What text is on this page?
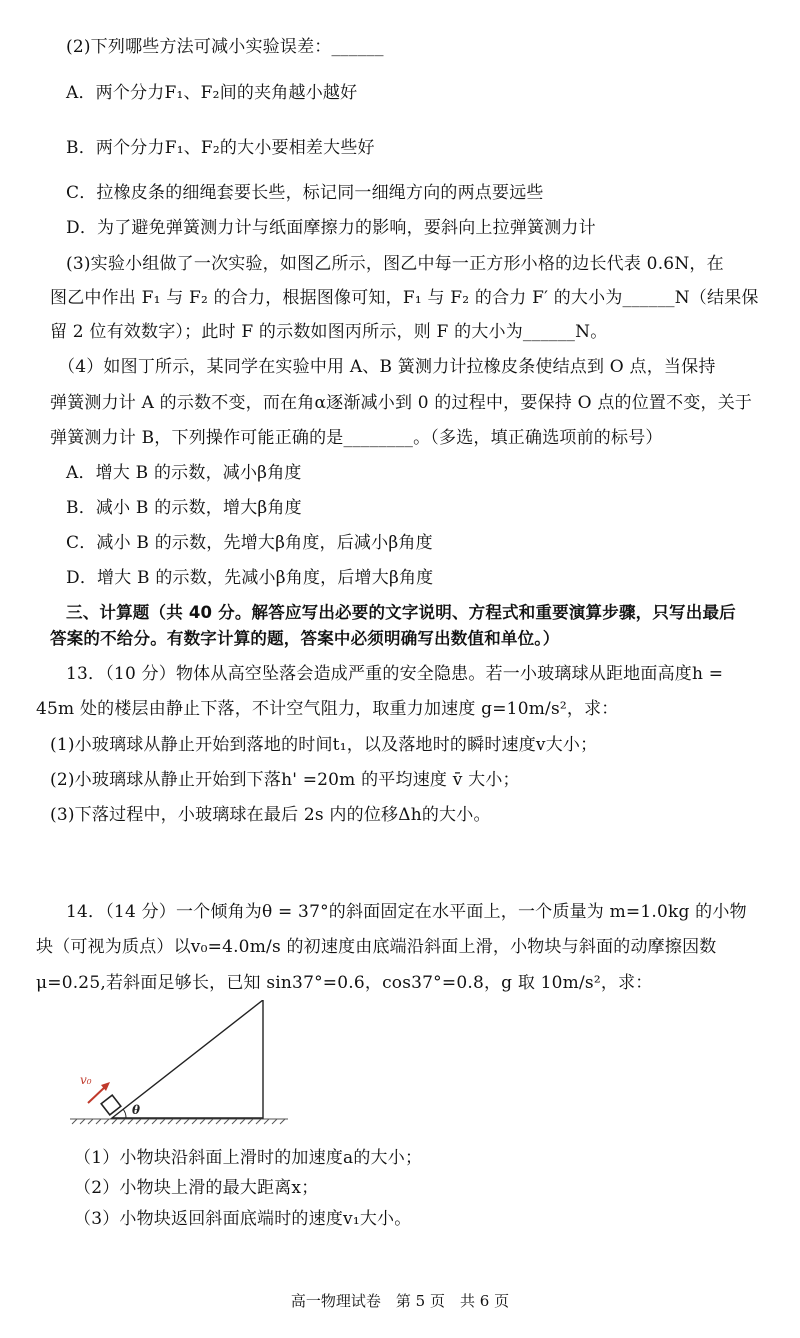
(2)下列哪些方法可减小实验误差：______
A．两个分力F₁、F₂间的夹角越小越好
B．两个分力F₁、F₂的大小要相差大些好
C．拉橡皮条的细绳套要长些，标记同一细绳方向的两点要远些
D．为了避免弹簧测力计与纸面摩擦力的影响，要斜向上拉弹簧测力计
(3)实验小组做了一次实验，如图乙所示，图乙中每一正方形小格的边长代表 0.6N，在
图乙中作出 F₁ 与 F₂ 的合力，根据图像可知，F₁ 与 F₂ 的合力 F′ 的大小为______N（结果保
留 2 位有效数字）；此时 F 的示数如图丙所示，则 F 的大小为______N。
（4）如图丁所示，某同学在实验中用 A、B 簧测力计拉橡皮条使结点到 O 点，当保持
弹簧测力计 A 的示数不变，而在角α逐渐减小到 0 的过程中，要保持 O 点的位置不变，关于
弹簧测力计 B，下列操作可能正确的是________。（多选，填正确选项前的标号）
A．增大 B 的示数，减小β角度
B．减小 B 的示数，增大β角度
C．减小 B 的示数，先增大β角度，后减小β角度
D．增大 B 的示数，先减小β角度，后增大β角度
三、计算题（共 40 分。解答应写出必要的文字说明、方程式和重要演算步骤，只写出最后
答案的不给分。有数字计算的题，答案中必须明确写出数值和单位。）
13．（10 分）物体从高空坠落会造成严重的安全隐患。若一小玻璃球从距地面高度h =
45m 处的楼层由静止下落，不计空气阻力，取重力加速度 g=10m/s²，求：
(1)小玻璃球从静止开始到落地的时间t₁，以及落地时的瞬时速度v大小；
(2)小玻璃球从静止开始到下落h' =20m 的平均速度 v̄ 大小；
(3)下落过程中，小玻璃球在最后 2s 内的位移Δh的大小。
14．（14 分）一个倾角为θ = 37°的斜面固定在水平面上，一个质量为 m=1.0kg 的小物
块（可视为质点）以v₀=4.0m/s 的初速度由底端沿斜面上滑，小物块与斜面的动摩擦因数
μ=0.25,若斜面足够长，已知 sin37°=0.6，cos37°=0.8，g 取 10m/s²，求：
v₀
θ
（1）小物块沿斜面上滑时的加速度a的大小；
（2）小物块上滑的最大距离x；
（3）小物块返回斜面底端时的速度v₁大小。
高一物理试卷　第 5 页　共 6 页
